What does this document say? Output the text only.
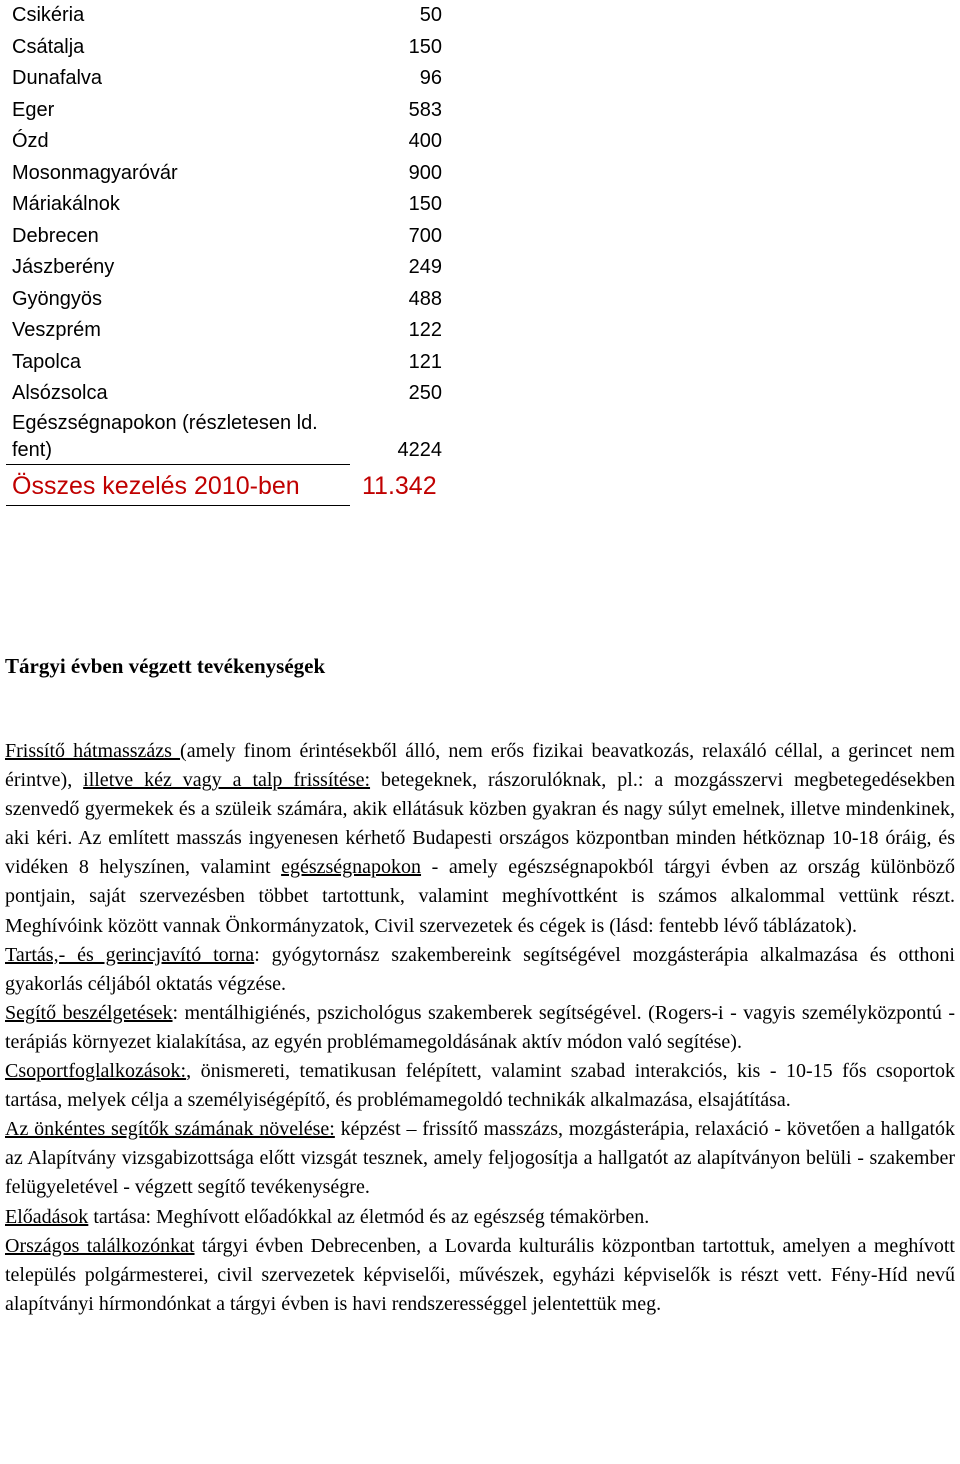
Csikéria	50
Csátalja	150
Dunafalva	96
Eger	583
Ózd	400
Mosonmagyaróvár	900
Máriakálnok	150
Debrecen	700
Jászberény	249
Gyöngyös	488
Veszprém	122
Tapolca	121
Alsózsolca	250
Egészségnapokon (részletesen ld.
fent)	4224
Összes kezelés 2010-ben 11.342
Tárgyi évben végzett tevékenységek

Frissítő hátmasszázs (amely finom érintésekből álló, nem erős fizikai beavatkozás, relaxáló céllal, a gerincet nem érintve), illetve kéz vagy a talp frissítése: betegeknek, rászorulóknak, pl.: a mozgásszervi megbetegedésekben szenvedő gyermekek és a szüleik számára, akik ellátásuk közben gyakran és nagy súlyt emelnek, illetve mindenkinek, aki kéri. Az említett masszás ingyenesen kérhető Budapesti országos központban minden hétköznap 10-18 óráig, és vidéken 8 helyszínen, valamint egészségnapokon - amely egészségnapokból tárgyi évben az ország különböző pontjain, saját szervezésben többet tartottunk, valamint meghívottként is számos alkalommal vettünk részt. Meghívóink között vannak Önkormányzatok, Civil szervezetek és cégek is (lásd: fentebb lévő táblázatok).

Tartás,- és gerincjavító torna: gyógytornász szakembereink segítségével mozgásterápia alkalmazása és otthoni gyakorlás céljából oktatás végzése.

Segítő beszélgetések: mentálhigiénés, pszichológus szakemberek segítségével. (Rogers-i - vagyis személyközpontú - terápiás környezet kialakítása, az egyén problémamegoldásának aktív módon való segítése).

Csoportfoglalkozások:, önismereti, tematikusan felépített, valamint szabad interakciós, kis - 10-15 fős csoportok tartása, melyek célja a személyiségépítő, és problémamegoldó technikák alkalmazása, elsajátítása.

Az önkéntes segítők számának növelése: képzést – frissítő masszázs, mozgásterápia, relaxáció - követően a hallgatók az Alapítvány vizsgabizottsága előtt vizsgát tesznek, amely feljogosítja a hallgatót az alapítványon belüli - szakember felügyeletével - végzett segítő tevékenységre.

Előadások tartása: Meghívott előadókkal az életmód és az egészség témakörben.

Országos találkozónkat tárgyi évben Debrecenben, a Lovarda kulturális központban tartottuk, amelyen a meghívott település polgármesterei, civil szervezetek képviselői, művészek, egyházi képviselők is részt vett. Fény-Híd nevű alapítványi hírmondónkat a tárgyi évben is havi rendszerességgel jelentettük meg.
